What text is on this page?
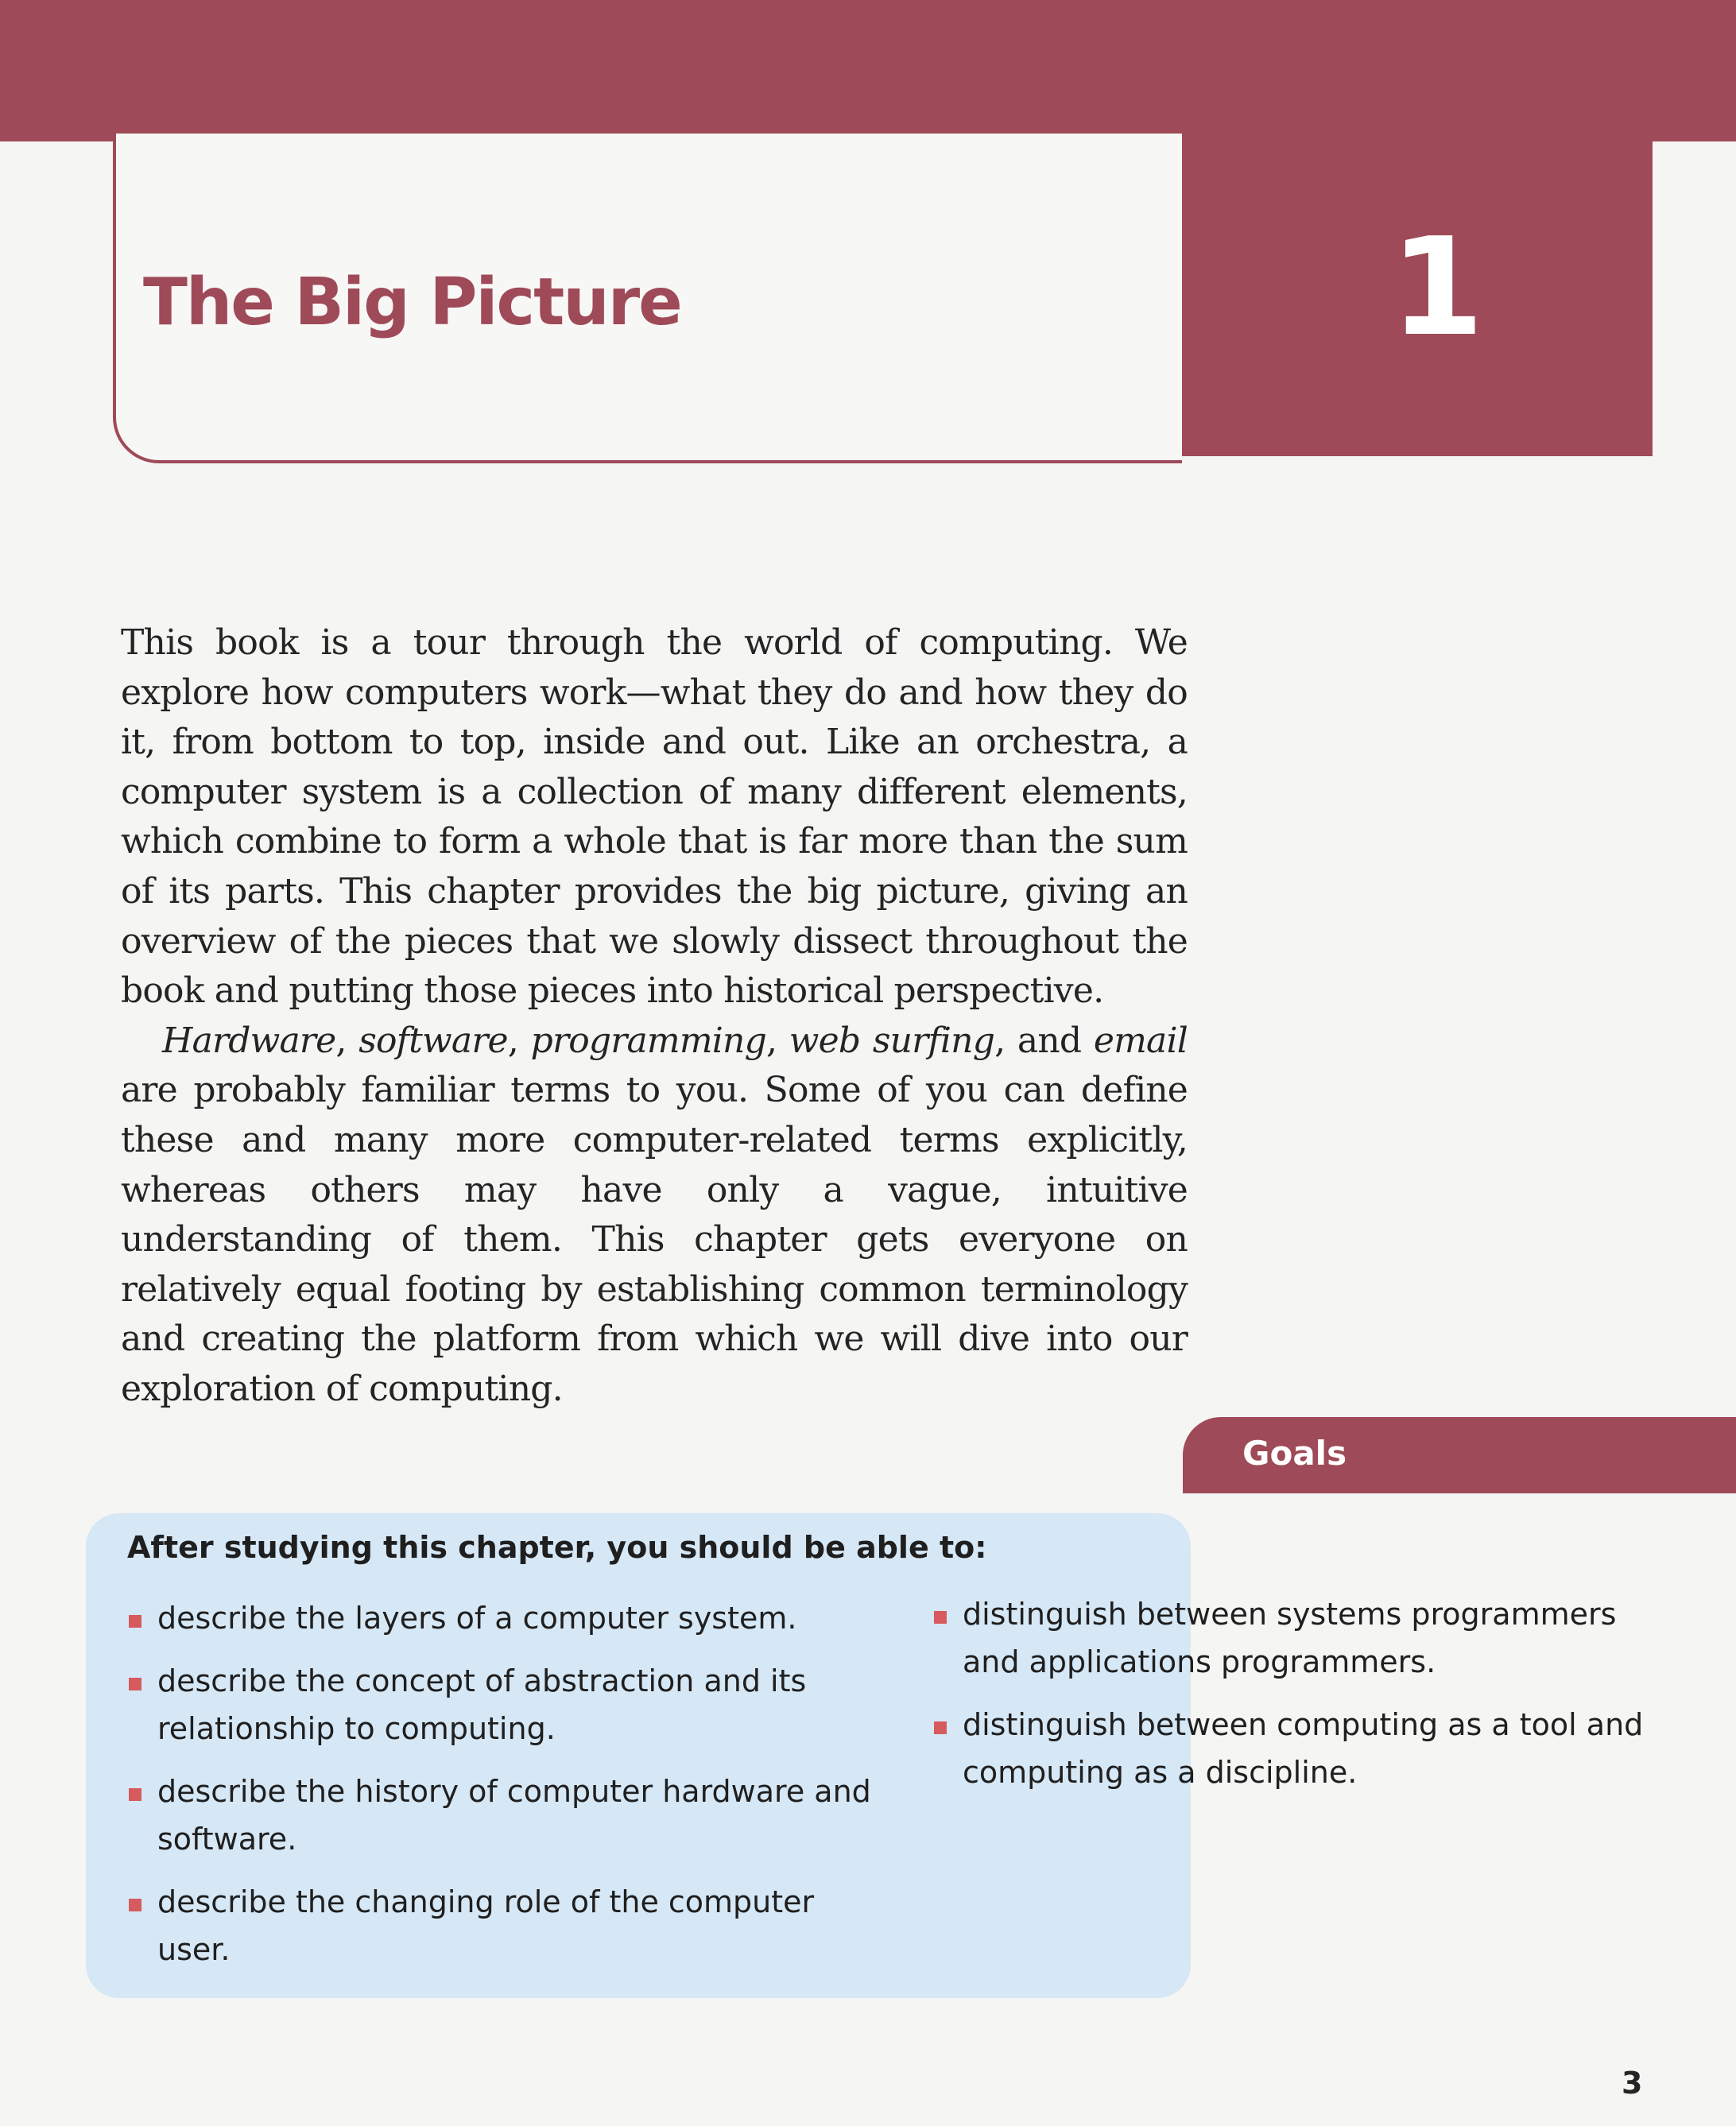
1
The Big Picture

This book is a tour through the world of computing. We explore how computers work—what they do and how they do it, from bottom to top, inside and out. Like an orchestra, a computer system is a collection of many different elements, which combine to form a whole that is far more than the sum of its parts. This chapter provides the big picture, giving an overview of the pieces that we slowly dissect throughout the book and putting those pieces into historical perspective.

Hardware, software, programming, web surfing, and email are probably familiar terms to you. Some of you can define these and many more computer-related terms explicitly, whereas others may have only a vague, intuitive understanding of them. This chapter gets everyone on relatively equal footing by establishing common terminology and creating the platform from which we will dive into our exploration of computing.

Goals
After studying this chapter, you should be able to:
describe the layers of a computer system.
describe the concept of abstraction and its relationship to computing.
describe the history of computer hardware and software.
describe the changing role of the computer user.
distinguish between systems programmers and applications programmers.
distinguish between computing as a tool and computing as a discipline.
3
